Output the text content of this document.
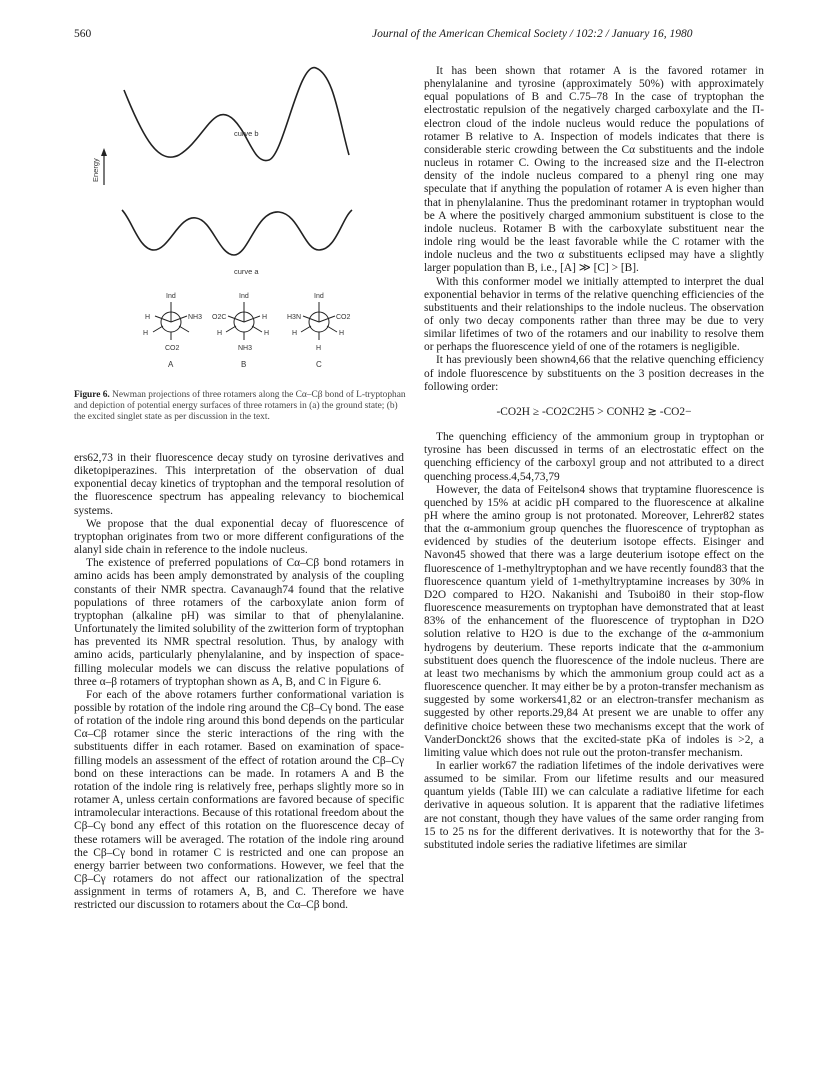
560	Journal of the American Chemical Society / 102:2 / January 16, 1980
curve b
Energy
curve a
Ind
H	NH3
H
CO2
A
Ind
O2C	H
H	H
NH3
B
Ind
H3N	CO2
H	H
H
C
Figure 6. Newman projections of three rotamers along the Cα–Cβ bond of L-tryptophan and depiction of potential energy surfaces of three rotamers in (a) the ground state; (b) the excited singlet state as per discussion in the text.

ers62,73 in their fluorescence decay study on tyrosine derivatives and diketopiperazines. This interpretation of the observation of dual exponential decay kinetics of tryptophan and the temporal resolution of the fluorescence spectrum has appealing relevancy to biochemical systems.

We propose that the dual exponential decay of fluorescence of tryptophan originates from two or more different configurations of the alanyl side chain in reference to the indole nucleus.

The existence of preferred populations of Cα–Cβ bond rotamers in amino acids has been amply demonstrated by analysis of the coupling constants of their NMR spectra. Cavanaugh74 found that the relative populations of three rotamers of the carboxylate anion form of tryptophan (alkaline pH) was similar to that of phenylalanine. Unfortunately the limited solubility of the zwitterion form of tryptophan has prevented its NMR spectral resolution. Thus, by analogy with amino acids, particularly phenylalanine, and by inspection of space-filling molecular models we can discuss the relative populations of three α–β rotamers of tryptophan shown as A, B, and C in Figure 6.

For each of the above rotamers further conformational variation is possible by rotation of the indole ring around the Cβ–Cγ bond. The ease of rotation of the indole ring around this bond depends on the particular Cα–Cβ rotamer since the steric interactions of the ring with the substituents differ in each rotamer. Based on examination of space-filling models an assessment of the effect of rotation around the Cβ–Cγ bond on these interactions can be made. In rotamers A and B the rotation of the indole ring is relatively free, perhaps slightly more so in rotamer A, unless certain conformations are favored because of specific intramolecular interactions. Because of this rotational freedom about the Cβ–Cγ bond any effect of this rotation on the fluorescence decay of these rotamers will be averaged. The rotation of the indole ring around the Cβ–Cγ bond in rotamer C is restricted and one can propose an energy barrier between two conformations. However, we feel that the Cβ–Cγ rotamers do not affect our rationalization of the spectral assignment in terms of rotamers A, B, and C. Therefore we have restricted our discussion to rotamers about the Cα–Cβ bond.

It has been shown that rotamer A is the favored rotamer in phenylalanine and tyrosine (approximately 50%) with approximately equal populations of B and C.75–78 In the case of tryptophan the electrostatic repulsion of the negatively charged carboxylate and the Π-electron cloud of the indole nucleus would reduce the populations of rotamer B relative to A. Inspection of models indicates that there is considerable steric crowding between the Cα substituents and the indole nucleus in rotamer C. Owing to the increased size and the Π-electron density of the indole nucleus compared to a phenyl ring one may speculate that if anything the population of rotamer A is even higher than that in phenylalanine. Thus the predominant rotamer in tryptophan would be A where the positively charged ammonium substituent is close to the indole nucleus. Rotamer B with the carboxylate substituent near the indole ring would be the least favorable while the C rotamer with the indole nucleus and the two α substituents eclipsed may have a slightly larger population than B, i.e., [A] ≫ [C] > [B].

With this conformer model we initially attempted to interpret the dual exponential behavior in terms of the relative quenching efficiencies of the substituents and their relationships to the indole nucleus. The observation of only two decay components rather than three may be due to very similar lifetimes of two of the rotamers and our inability to resolve them or perhaps the fluorescence yield of one of the rotamers is negligible.

It has previously been shown4,66 that the relative quenching efficiency of indole fluorescence by substituents on the 3 position decreases in the following order:

-CO2H ≥ -CO2C2H5 > CONH2 ≳ -CO2−

The quenching efficiency of the ammonium group in tryptophan or tyrosine has been discussed in terms of an electrostatic effect on the quenching efficiency of the carboxyl group and not attributed to a direct quenching process.4,54,73,79

However, the data of Feitelson4 shows that tryptamine fluorescence is quenched by 15% at acidic pH compared to the fluorescence at alkaline pH where the amino group is not protonated. Moreover, Lehrer82 states that the α-ammonium group quenches the fluorescence of tryptophan as evidenced by studies of the deuterium isotope effects. Eisinger and Navon45 showed that there was a large deuterium isotope effect on the fluorescence of 1-methyltryptophan and we have recently found83 that the fluorescence quantum yield of 1-methyltryptamine increases by 30% in D2O compared to H2O. Nakanishi and Tsuboi80 in their stop-flow fluorescence measurements on tryptophan have demonstrated that at least 83% of the enhancement of the fluorescence of tryptophan in D2O solution relative to H2O is due to the exchange of the α-ammonium hydrogens by deuterium. These reports indicate that the α-ammonium substituent does quench the fluorescence of the indole nucleus. There are at least two mechanisms by which the ammonium group could act as a fluorescence quencher. It may either be by a proton-transfer mechanism as suggested by some workers41,82 or an electron-transfer mechanism as suggested by other reports.29,84 At present we are unable to offer any definitive choice between these two mechanisms except that the work of VanderDonckt26 shows that the excited-state pKa of indoles is >2, a limiting value which does not rule out the proton-transfer mechanism.

In earlier work67 the radiation lifetimes of the indole derivatives were assumed to be similar. From our lifetime results and our measured quantum yields (Table III) we can calculate a radiative lifetime for each derivative in aqueous solution. It is apparent that the radiative lifetimes are not constant, though they have values of the same order ranging from 15 to 25 ns for the different derivatives. It is noteworthy that for the 3-substituted indole series the radiative lifetimes are similar
